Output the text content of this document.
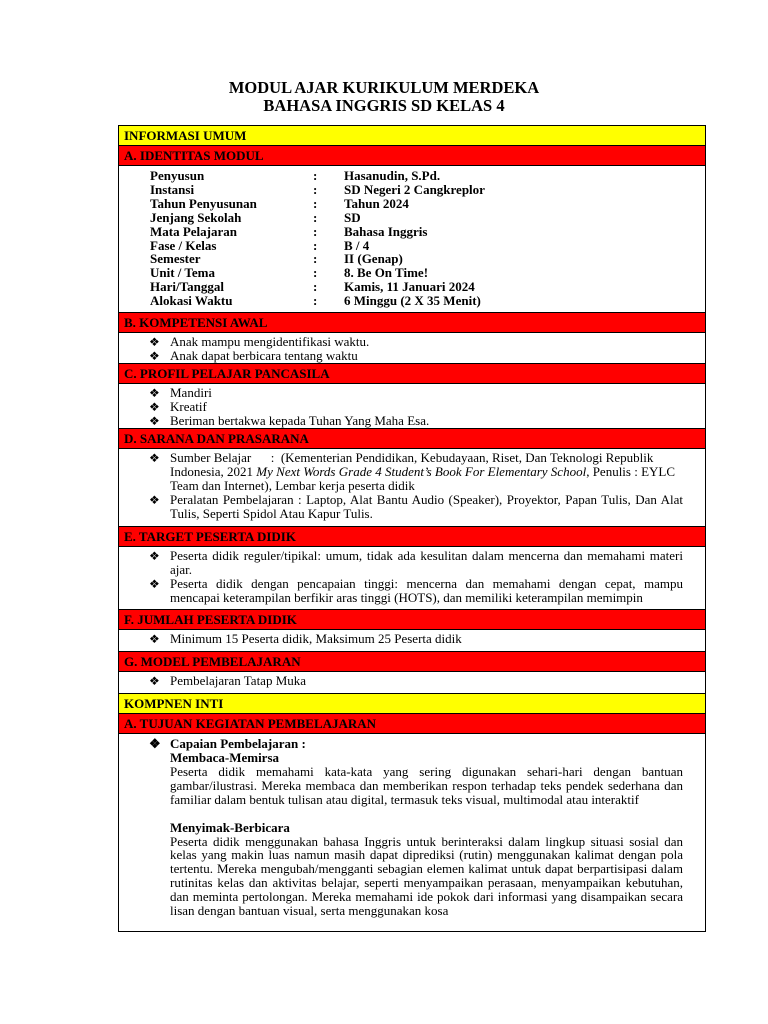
MODUL AJAR KURIKULUM MERDEKA
BAHASA INGGRIS SD KELAS 4
INFORMASI UMUM
A. IDENTITAS MODUL
Penyusun	:	Hasanudin, S.Pd.
Instansi	:	SD Negeri 2 Cangkreplor
Tahun Penyusunan	:	Tahun 2024
Jenjang Sekolah	:	SD
Mata Pelajaran	:	Bahasa Inggris
Fase / Kelas	:	B / 4
Semester	:	II (Genap)
Unit / Tema	:	8. Be On Time!
Hari/Tanggal	:	Kamis, 11 Januari 2024
Alokasi Waktu	:	6 Minggu (2 X 35 Menit)
B. KOMPETENSI AWAL
❖ Anak mampu mengidentifikasi waktu.
❖ Anak dapat berbicara tentang waktu
C. PROFIL PELAJAR PANCASILA
❖ Mandiri
❖ Kreatif
❖ Beriman bertakwa kepada Tuhan Yang Maha Esa.
D. SARANA DAN PRASARANA
❖ Sumber Belajar      :  (Kementerian Pendidikan, Kebudayaan, Riset, Dan Teknologi Republik Indonesia, 2021 My Next Words Grade 4 Student’s Book For Elementary School, Penulis : EYLC Team dan Internet), Lembar kerja peserta didik
❖ Peralatan Pembelajaran : Laptop, Alat Bantu Audio (Speaker), Proyektor, Papan Tulis, Dan Alat Tulis, Seperti Spidol Atau Kapur Tulis.
E. TARGET PESERTA DIDIK
❖ Peserta didik reguler/tipikal: umum, tidak ada kesulitan dalam mencerna dan memahami materi ajar.
❖ Peserta didik dengan pencapaian tinggi: mencerna dan memahami dengan cepat, mampu mencapai keterampilan berfikir aras tinggi (HOTS), dan memiliki keterampilan memimpin
F. JUMLAH PESERTA DIDIK
❖ Minimum 15 Peserta didik, Maksimum 25 Peserta didik
G. MODEL PEMBELAJARAN
❖ Pembelajaran Tatap Muka
KOMPNEN INTI
A. TUJUAN KEGIATAN PEMBELAJARAN
❖ Capaian Pembelajaran :
Membaca-Memirsa

Peserta didik memahami kata-kata yang sering digunakan sehari-hari dengan bantuan gambar/ilustrasi. Mereka membaca dan memberikan respon terhadap teks pendek sederhana dan familiar dalam bentuk tulisan atau digital, termasuk teks visual, multimodal atau interaktif

Menyimak-Berbicara

Peserta didik menggunakan bahasa Inggris untuk berinteraksi dalam lingkup situasi sosial dan kelas yang makin luas namun masih dapat diprediksi (rutin) menggunakan kalimat dengan pola tertentu. Mereka mengubah/mengganti sebagian elemen kalimat untuk dapat berpartisipasi dalam rutinitas kelas dan aktivitas belajar, seperti menyampaikan perasaan, menyampaikan kebutuhan, dan meminta pertolongan. Mereka memahami ide pokok dari informasi yang disampaikan secara lisan dengan bantuan visual, serta menggunakan kosa
